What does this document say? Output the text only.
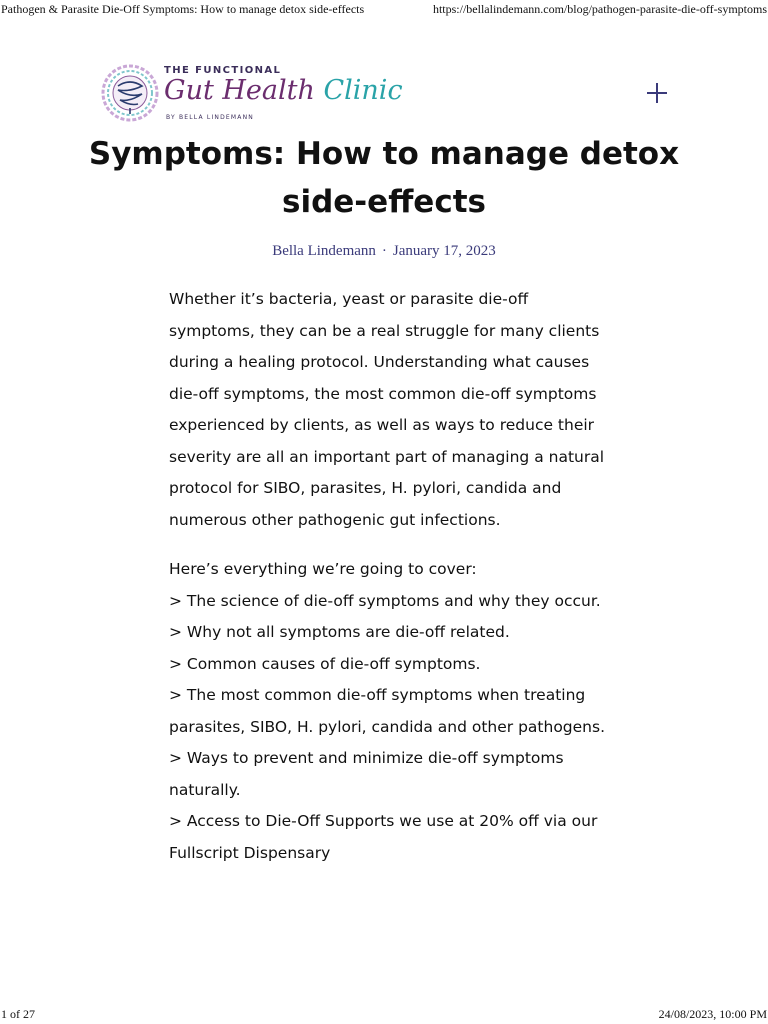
Pathogen & Parasite Die-Off Symptoms: How to manage detox side-effects	https://bellalindemann.com/blog/pathogen-parasite-die-off-symptoms
THE FUNCTIONAL
Gut Health Clinic
BY BELLA LINDEMANN
Symptoms: How to manage detox side-effects
Bella Lindemann · January 17, 2023

Whether it’s bacteria, yeast or parasite die-off symptoms, they can be a real struggle for many clients during a healing protocol. Understanding what causes die-off symptoms, the most common die-off symptoms experienced by clients, as well as ways to reduce their severity are all an important part of managing a natural protocol for SIBO, parasites, H. pylori, candida and numerous other pathogenic gut infections.

Here’s everything we’re going to cover:
> The science of die-off symptoms and why they occur.
> Why not all symptoms are die-off related.
> Common causes of die-off symptoms.
> The most common die-off symptoms when treating parasites, SIBO, H. pylori, candida and other pathogens.
> Ways to prevent and minimize die-off symptoms naturally.
> Access to Die-Off Supports we use at 20% off via our Fullscript Dispensary

1 of 27	24/08/2023, 10:00 PM
